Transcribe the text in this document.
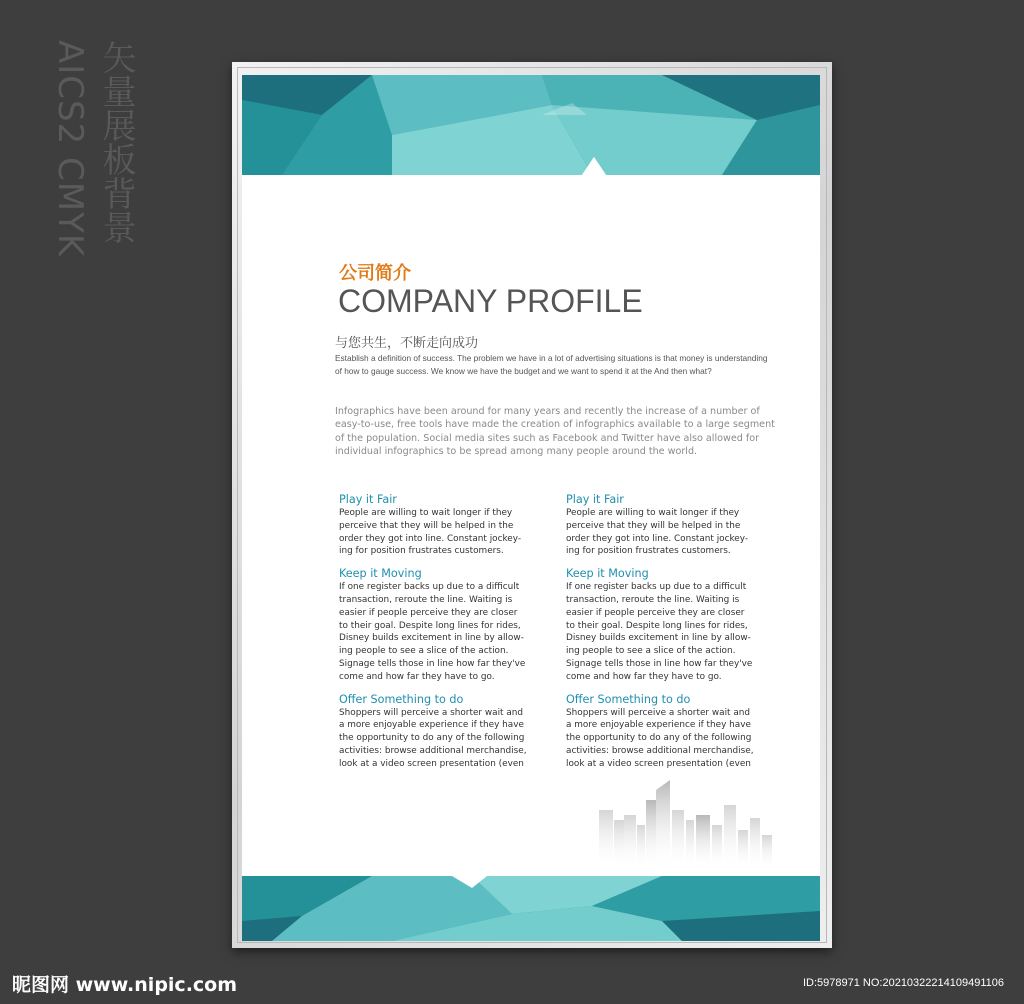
矢量展板背景
AICS2 CMYK

公司简介

COMPANY PROFILE

与您共生，不断走向成功

Establish a definition of success. The problem we have in a lot of advertising situations is that money is understanding of how to gauge success. We know we have the budget and we want to spend it at the And then what?

Infographics have been around for many years and recently the increase of a number of easy-to-use, free tools have made the creation of infographics available to a large segment of the population. Social media sites such as Facebook and Twitter have also allowed for individual infographics to be spread among many people around the world.

Play it Fair

People are willing to wait longer if they
perceive that they will be helped in the
order they got into line. Constant jockey-
ing for position frustrates customers.

Keep it Moving

If one register backs up due to a difficult
transaction, reroute the line. Waiting is
easier if people perceive they are closer
to their goal. Despite long lines for rides,
Disney builds excitement in line by allow-
ing people to see a slice of the action.
Signage tells those in line how far they've
come and how far they have to go.

Offer Something to do

Shoppers will perceive a shorter wait and
a more enjoyable experience if they have
the opportunity to do any of the following
activities: browse additional merchandise,
look at a video screen presentation (even

Play it Fair

People are willing to wait longer if they
perceive that they will be helped in the
order they got into line. Constant jockey-
ing for position frustrates customers.

Keep it Moving

If one register backs up due to a difficult
transaction, reroute the line. Waiting is
easier if people perceive they are closer
to their goal. Despite long lines for rides,
Disney builds excitement in line by allow-
ing people to see a slice of the action.
Signage tells those in line how far they've
come and how far they have to go.

Offer Something to do

Shoppers will perceive a shorter wait and
a more enjoyable experience if they have
the opportunity to do any of the following
activities: browse additional merchandise,
look at a video screen presentation (even

昵图网 www.nipic.com	ID:5978971 NO:20210322214109491106
